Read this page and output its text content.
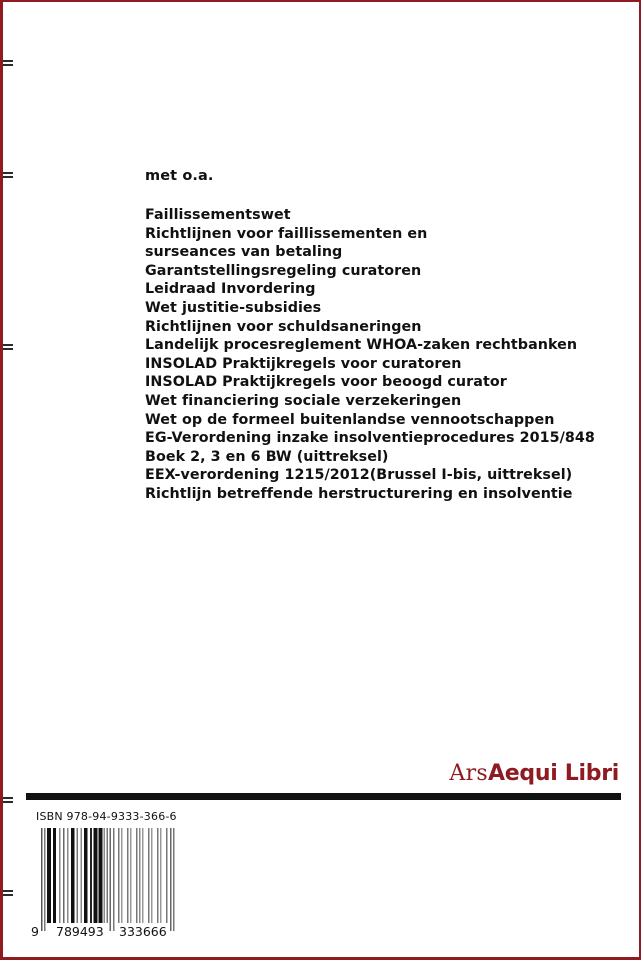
met o.a.
Faillissementswet
Richtlijnen voor faillissementen en
surseances van betaling
Garantstellingsregeling curatoren
Leidraad Invordering
Wet justitie-subsidies
Richtlijnen voor schuldsaneringen
Landelijk procesreglement WHOA-zaken rechtbanken
INSOLAD Praktijkregels voor curatoren
INSOLAD Praktijkregels voor beoogd curator
Wet financiering sociale verzekeringen
Wet op de formeel buitenlandse vennootschappen
EG-Verordening inzake insolventieprocedures 2015/848
Boek 2, 3 en 6 BW (uittreksel)
EEX-verordening 1215/2012(Brussel I-bis, uittreksel)
Richtlijn betreffende herstructurering en insolventie
ArsAequi Libri
ISBN 978-94-9333-366-6
9 789493 333666
